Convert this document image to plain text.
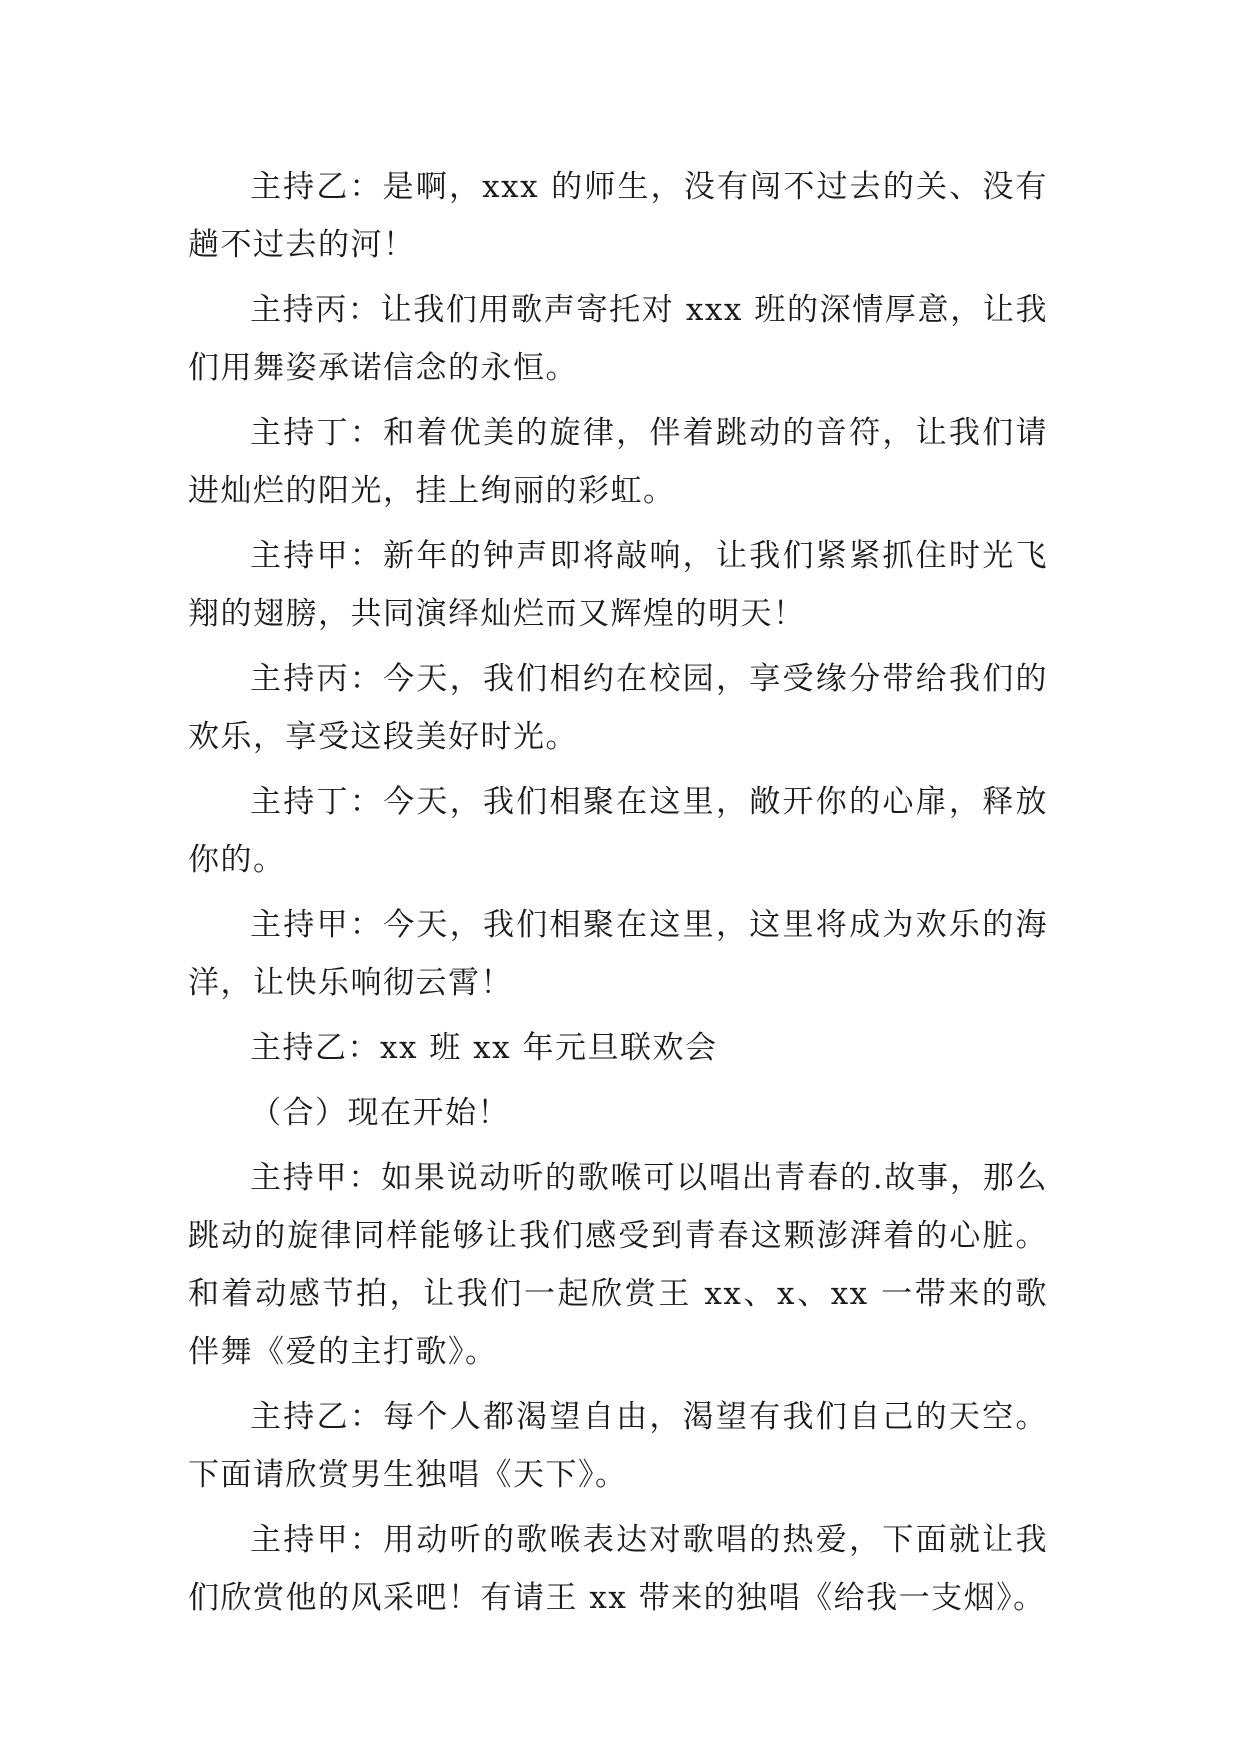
主持乙：是啊，xxx 的师生，没有闯不过去的关、没有趟不过去的河！

主持丙：让我们用歌声寄托对 xxx 班的深情厚意，让我们用舞姿承诺信念的永恒。

主持丁：和着优美的旋律，伴着跳动的音符，让我们请进灿烂的阳光，挂上绚丽的彩虹。

主持甲：新年的钟声即将敲响，让我们紧紧抓住时光飞翔的翅膀，共同演绎灿烂而又辉煌的明天！

主持丙：今天，我们相约在校园，享受缘分带给我们的欢乐，享受这段美好时光。

主持丁：今天，我们相聚在这里，敞开你的心扉，释放你的。

主持甲：今天，我们相聚在这里，这里将成为欢乐的海洋，让快乐响彻云霄！

主持乙：xx 班 xx 年元旦联欢会

（合）现在开始！

主持甲：如果说动听的歌喉可以唱出青春的.故事，那么跳动的旋律同样能够让我们感受到青春这颗澎湃着的心脏。和着动感节拍，让我们一起欣赏王 xx、x、xx 一带来的歌伴舞《爱的主打歌》。

主持乙：每个人都渴望自由，渴望有我们自己的天空。下面请欣赏男生独唱《天下》。

主持甲：用动听的歌喉表达对歌唱的热爱，下面就让我们欣赏他的风采吧！有请王 xx 带来的独唱《给我一支烟》。
